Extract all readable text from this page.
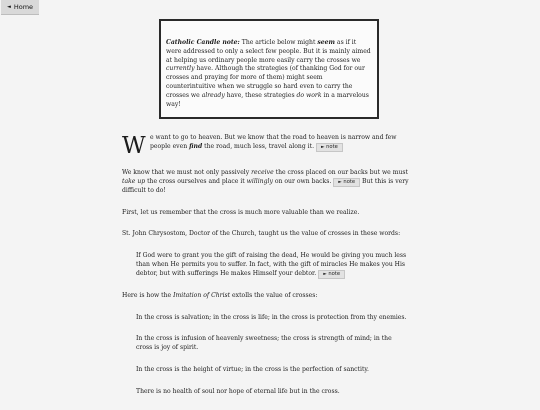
◄ Home
Catholic Candle note: The article below might seem as if it were addressed to only a select few people. But it is mainly aimed at helping us ordinary people more easily carry the crosses we currently have. Although the strategies (of thanking God for our crosses and praying for more of them) might seem counterintuitive when we struggle so hard even to carry the crosses we already have, these strategies do work in a marvelous way!

W e want to go to heaven. But we know that the road to heaven is narrow and few people even find the road, much less, travel along it. ► note

We know that we must not only passively receive the cross placed on our backs but we must take up the cross ourselves and place it willingly on our own backs. ► note But this is very difficult to do!

First, let us remember that the cross is much more valuable than we realize.

St. John Chrysostom, Doctor of the Church, taught us the value of crosses in these words:

If God were to grant you the gift of raising the dead, He would be giving you much less than when He permits you to suffer. In fact, with the gift of miracles He makes you His debtor, but with sufferings He makes Himself your debtor. ► note

Here is how the Imitation of Christ extolls the value of crosses:

In the cross is salvation; in the cross is life; in the cross is protection from thy enemies.

In the cross is infusion of heavenly sweetness; the cross is strength of mind; in the cross is joy of spirit.

In the cross is the height of virtue; in the cross is the perfection of sanctity.

There is no health of soul nor hope of eternal life but in the cross.
